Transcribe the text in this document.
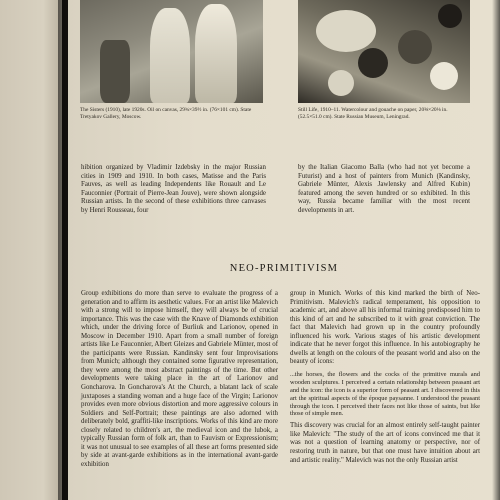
The Sisters (1910), late 1920s. Oil on canvas, 29¾×39½ in. (76×101 cm). State Tretyakov Gallery, Moscow.
Still Life, 1910–11. Watercolour and gouache on paper, 20⅝×20⅛ in. (52.5×51.0 cm). State Russian Museum, Leningrad.

hibition organized by Vladimir Izdebsky in the major Russian cities in 1909 and 1910. In both cases, Matisse and the Paris Fauves, as well as leading Independents like Rouault and Le Fauconnier (Portrait of Pierre-Jean Jouve), were shown alongside Russian artists. In the second of these exhibitions three canvases by Henri Rousseau, four

by the Italian Giacomo Balla (who had not yet become a Futurist) and a host of painters from Munich (Kandinsky, Gabriele Münter, Alexis Jawlensky and Alfred Kubin) featured among the seven hundred or so exhibited. In this way, Russia became familiar with the most recent developments in art.

NEO-PRIMITIVISM

Group exhibitions do more than serve to evaluate the progress of a generation and to affirm its aesthetic values. For an artist like Malevich with a strong will to impose himself, they will always be of crucial importance. This was the case with the Knave of Diamonds exhibition which, under the driving force of Burliuk and Larionov, opened in Moscow in December 1910. Apart from a small number of foreign artists like Le Fauconnier, Albert Gleizes and Gabriele Münter, most of the participants were Russian. Kandinsky sent four Improvisations from Munich; although they contained some figurative representation, they were among the most abstract paintings of the time. But other developments were taking place in the art of Larionov and Goncharova. In Goncharova's At the Church, a blatant lack of scale juxtaposes a standing woman and a huge face of the Virgin; Larionov provides even more obvious distortion and more aggressive colours in Soldiers and Self-Portrait; these paintings are also adorned with deliberately bold, graffiti-like inscriptions. Works of this kind are more closely related to children's art, the medieval icon and the lubok, a typically Russian form of folk art, than to Fauvism or Expressionism; it was not unusual to see examples of all these art forms presented side by side at avant-garde exhibitions as in the international avant-garde exhibition

group in Munich. Works of this kind marked the birth of Neo-Primitivism. Malevich's radical temperament, his opposition to academic art, and above all his informal training predisposed him to this kind of art and he subscribed to it with great conviction. The fact that Malevich had grown up in the country profoundly influenced his work. Various stages of his artistic development indicate that he never forgot this influence. In his autobiography he dwells at length on the colours of the peasant world and also on the beauty of icons:

...the horses, the flowers and the cocks of the primitive murals and wooden sculptures. I perceived a certain relationship between peasant art and the icon: the icon is a superior form of peasant art. I discovered in this art the spiritual aspects of the époque paysanne. I understood the peasant through the icon. I perceived their faces not like those of saints, but like those of simple men.

This discovery was crucial for an almost entirely self-taught painter like Malevich: "The study of the art of icons convinced me that it was not a question of learning anatomy or perspective, nor of restoring truth in nature, but that one must have intuition about art and artistic reality." Malevich was not the only Russian artist
